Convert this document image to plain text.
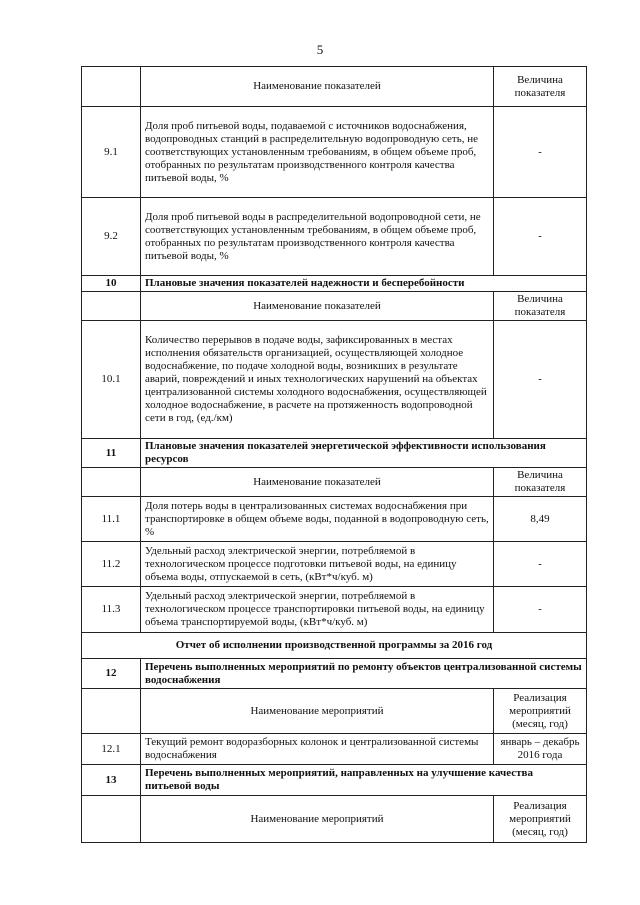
5
	Наименование показателей	Величина показателя
9.1	Доля проб питьевой воды, подаваемой с источников водоснабжения, водопроводных станций в распределительную водопроводную сеть, не соответствующих установленным требованиям, в общем объеме проб, отобранных по результатам производственного контроля качества питьевой воды, %	-
9.2	Доля проб питьевой воды в распределительной водопроводной сети, не соответствующих установленным требованиям, в общем объеме проб, отобранных по результатам производственного контроля качества питьевой воды, %	-
10	Плановые значения показателей надежности и бесперебойности	
	Наименование показателей	Величина показателя
10.1	Количество перерывов в подаче воды, зафиксированных в местах исполнения обязательств организацией, осуществляющей холодное водоснабжение, по подаче холодной воды, возникших в результате аварий, повреждений и иных технологических нарушений на объектах централизованной системы холодного водоснабжения, осуществляющей холодное водоснабжение, в расчете на протяженность водопроводной сети в год, (ед./км)	-
11	Плановые значения показателей энергетической эффективности использования ресурсов	
	Наименование показателей	Величина показателя
11.1	Доля потерь воды в централизованных системах водоснабжения при транспортировке в общем объеме воды, поданной в водопроводную сеть, %	8,49
11.2	Удельный расход электрической энергии, потребляемой в технологическом процессе подготовки питьевой воды, на единицу объема воды, отпускаемой в сеть, (кВт*ч/куб. м)	-
11.3	Удельный расход электрической энергии, потребляемой в технологическом процессе транспортировки питьевой воды, на единицу объема транспортируемой воды, (кВт*ч/куб. м)	-
Отчет об исполнении производственной программы за 2016 год		
12	Перечень выполненных мероприятий по ремонту объектов централизованной системы водоснабжения	
	Наименование мероприятий	Реализация мероприятий (месяц, год)
12.1	Текущий ремонт водоразборных колонок и централизованной системы водоснабжения	январь – декабрь 2016 года
13	Перечень выполненных мероприятий, направленных на улучшение качества питьевой воды	
	Наименование мероприятий	Реализация мероприятий (месяц, год)
